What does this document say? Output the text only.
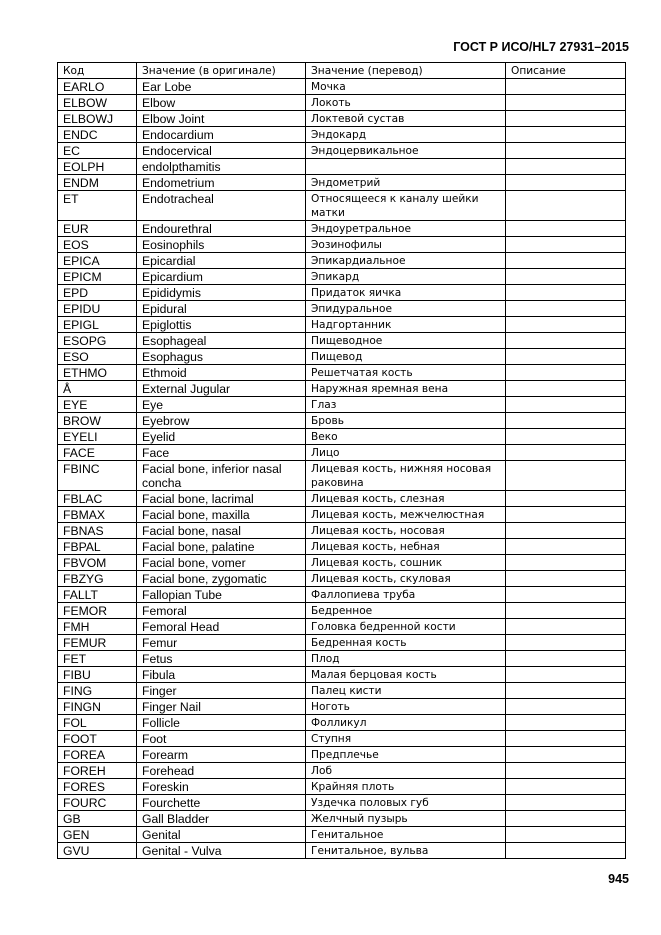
ГОСТ Р ИСО/HL7 27931–2015
Код	Значение (в оригинале)	Значение (перевод)	Описание
EARLO	Ear Lobe	Мочка	
ELBOW	Elbow	Локоть	
ELBOWJ	Elbow Joint	Локтевой сустав	
ENDC	Endocardium	Эндокард	
EC	Endocervical	Эндоцервикальное	
EOLPH	endolpthamitis		
ENDM	Endometrium	Эндометрий	
ET	Endotracheal	Относящееся к каналу шейки матки	
EUR	Endourethral	Эндоуретральное	
EOS	Eosinophils	Эозинофилы	
EPICA	Epicardial	Эпикардиальное	
EPICM	Epicardium	Эпикард	
EPD	Epididymis	Придаток яичка	
EPIDU	Epidural	Эпидуральное	
EPIGL	Epiglottis	Надгортанник	
ESOPG	Esophageal	Пищеводное	
ESO	Esophagus	Пищевод	
ETHMO	Ethmoid	Решетчатая кость	
Å	External Jugular	Наружная яремная вена	
EYE	Eye	Глаз	
BROW	Eyebrow	Бровь	
EYELI	Eyelid	Веко	
FACE	Face	Лицо	
FBINC	Facial bone, inferior nasal concha	Лицевая кость, нижняя носовая раковина	
FBLAC	Facial bone, lacrimal	Лицевая кость, слезная	
FBMAX	Facial bone, maxilla	Лицевая кость, межчелюстная	
FBNAS	Facial bone, nasal	Лицевая кость, носовая	
FBPAL	Facial bone, palatine	Лицевая кость, небная	
FBVOM	Facial bone, vomer	Лицевая кость, сошник	
FBZYG	Facial bone, zygomatic	Лицевая кость, скуловая	
FALLT	Fallopian Tube	Фаллопиева труба	
FEMOR	Femoral	Бедренное	
FMH	Femoral Head	Головка бедренной кости	
FEMUR	Femur	Бедренная кость	
FET	Fetus	Плод	
FIBU	Fibula	Малая берцовая кость	
FING	Finger	Палец кисти	
FINGN	Finger Nail	Ноготь	
FOL	Follicle	Фолликул	
FOOT	Foot	Ступня	
FOREA	Forearm	Предплечье	
FOREH	Forehead	Лоб	
FORES	Foreskin	Крайняя плоть	
FOURC	Fourchette	Уздечка половых губ	
GB	Gall Bladder	Желчный пузырь	
GEN	Genital	Генитальное	
GVU	Genital - Vulva	Генитальное, вульва	
945
